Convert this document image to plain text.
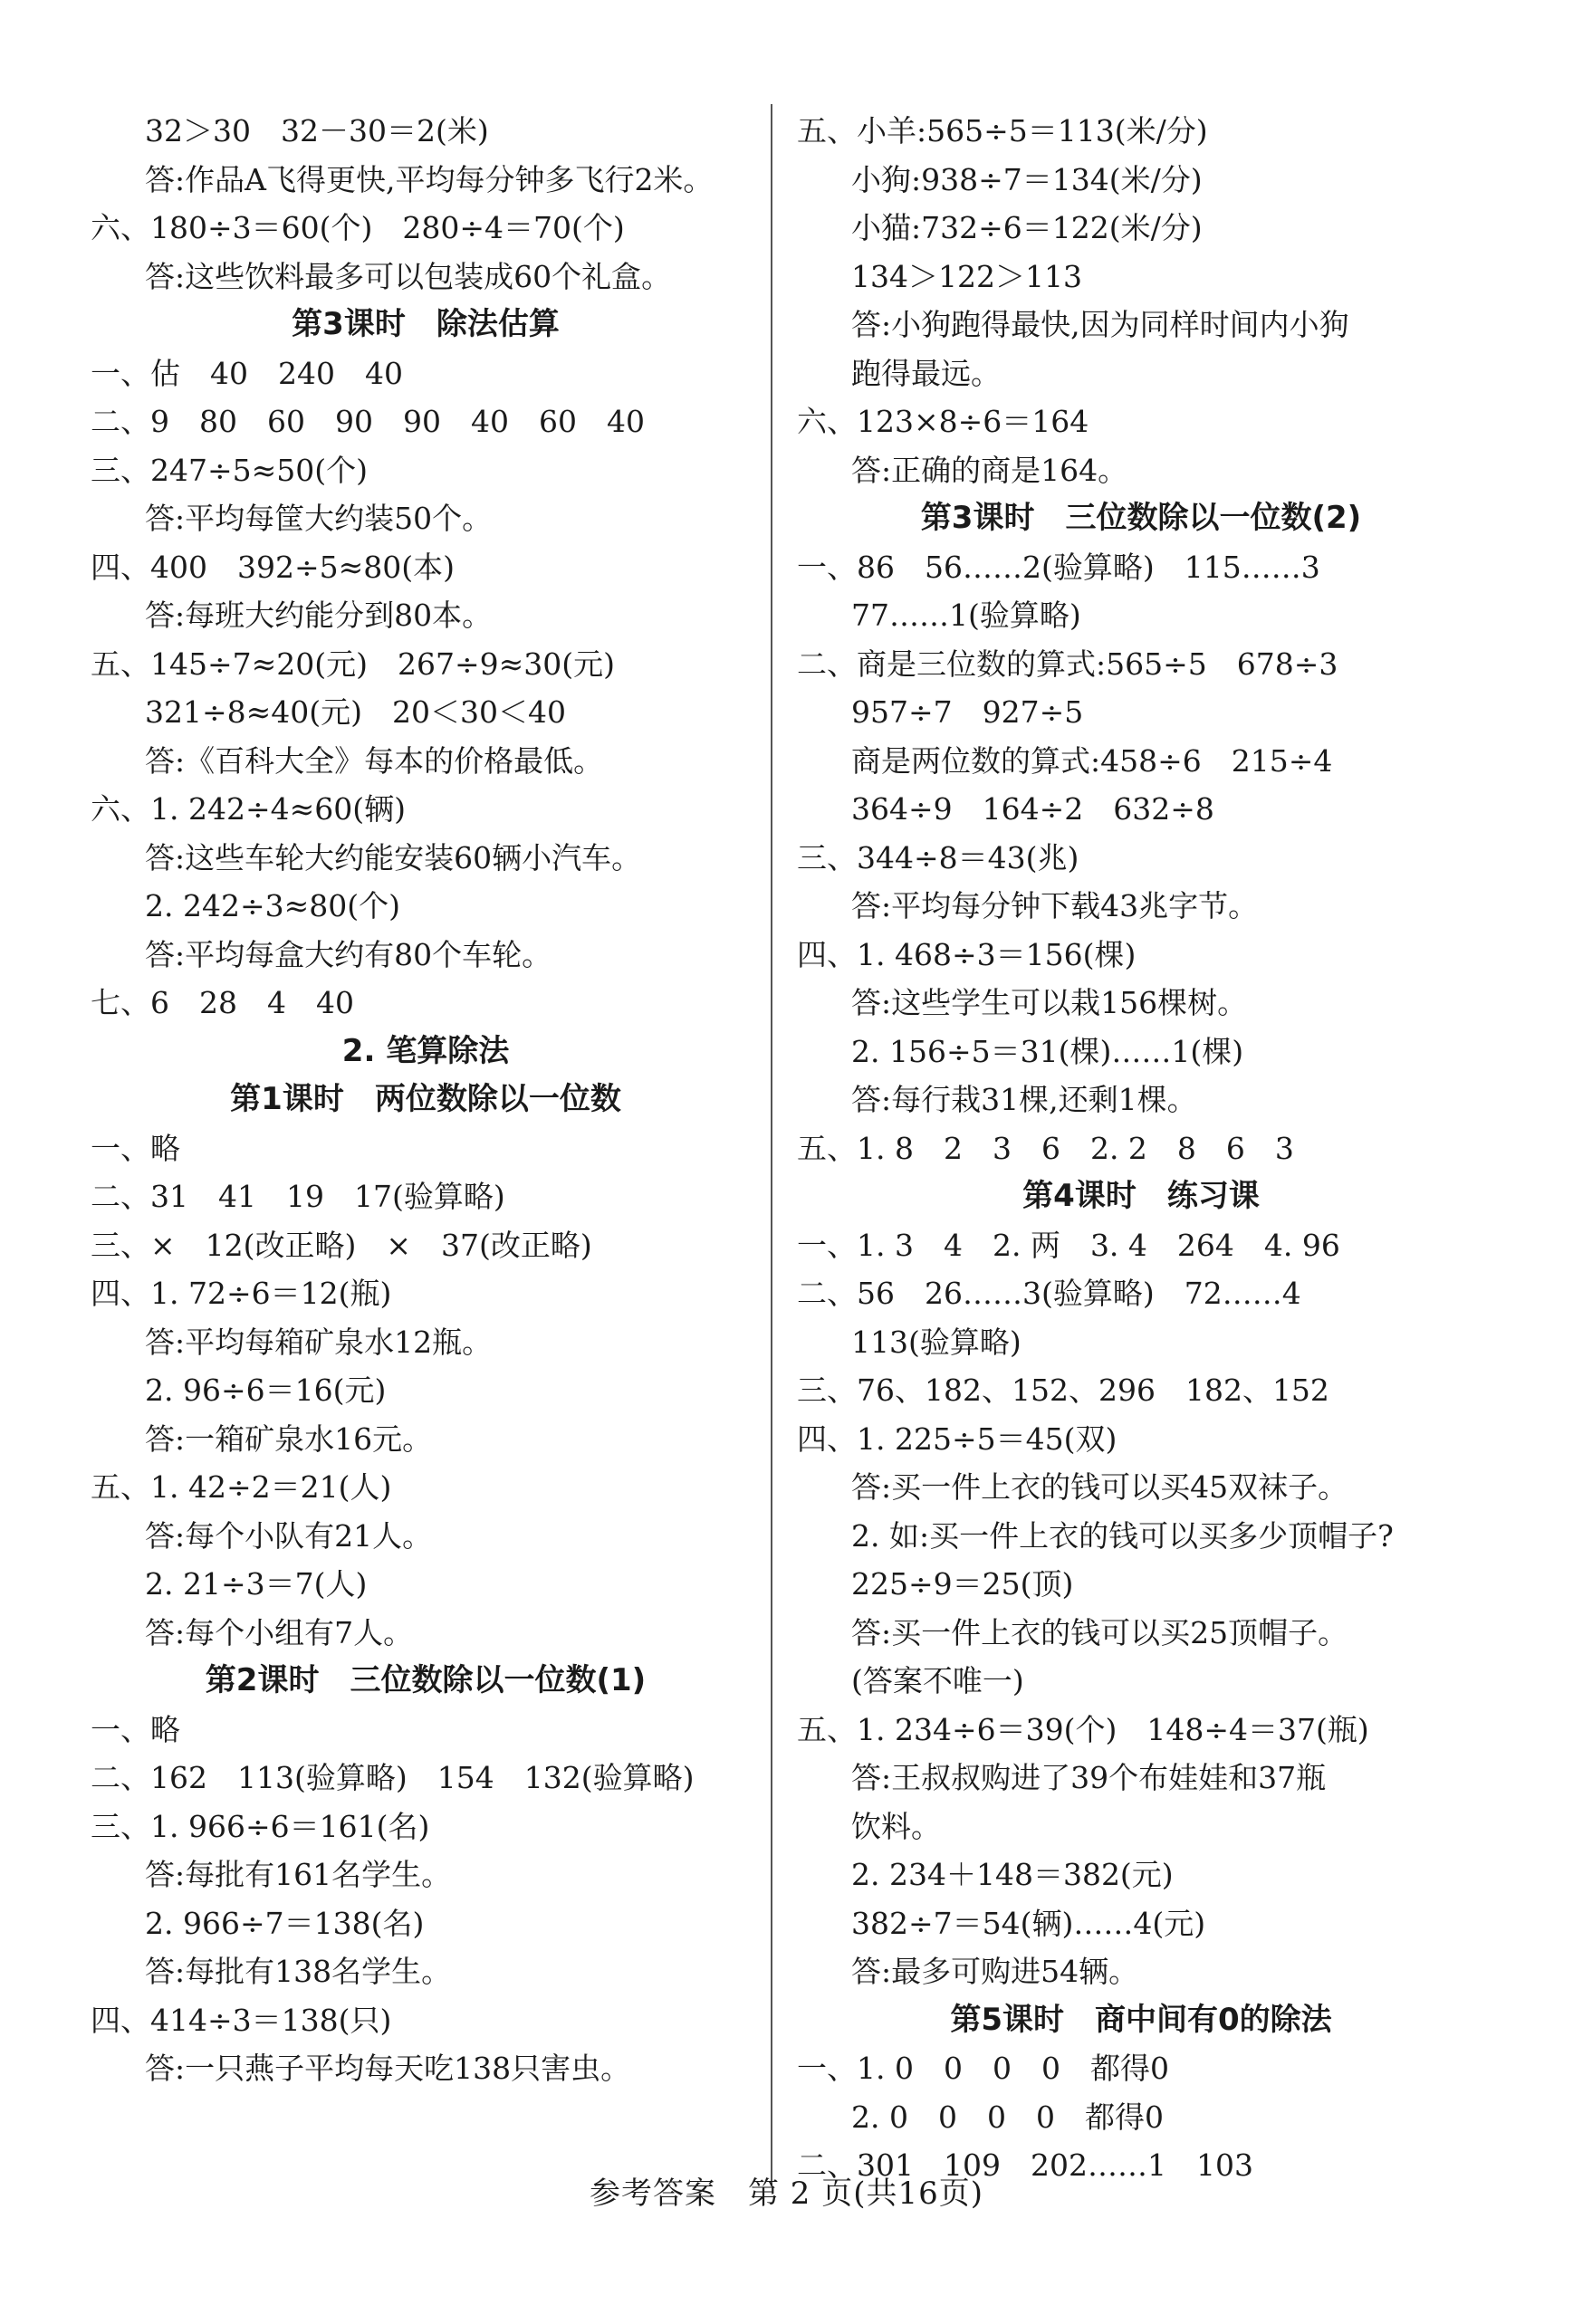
32＞30　32－30＝2(米)
答:作品A飞得更快,平均每分钟多飞行2米。
六、180÷3＝60(个)　280÷4＝70(个)
答:这些饮料最多可以包装成60个礼盒。
第3课时　除法估算
一、估　40　240　40
二、9　80　60　90　90　40　60　40
三、247÷5≈50(个)
答:平均每筐大约装50个。
四、400　392÷5≈80(本)
答:每班大约能分到80本。
五、145÷7≈20(元)　267÷9≈30(元)
321÷8≈40(元)　20＜30＜40
答:《百科大全》每本的价格最低。
六、1. 242÷4≈60(辆)
答:这些车轮大约能安装60辆小汽车。
2. 242÷3≈80(个)
答:平均每盒大约有80个车轮。
七、6　28　4　40
2. 笔算除法
第1课时　两位数除以一位数
一、略
二、31　41　19　17(验算略)
三、×　12(改正略)　×　37(改正略)
四、1. 72÷6＝12(瓶)
答:平均每箱矿泉水12瓶。
2. 96÷6＝16(元)
答:一箱矿泉水16元。
五、1. 42÷2＝21(人)
答:每个小队有21人。
2. 21÷3＝7(人)
答:每个小组有7人。
第2课时　三位数除以一位数(1)
一、略
二、162　113(验算略)　154　132(验算略)
三、1. 966÷6＝161(名)
答:每批有161名学生。
2. 966÷7＝138(名)
答:每批有138名学生。
四、414÷3＝138(只)
答:一只燕子平均每天吃138只害虫。
五、小羊:565÷5＝113(米/分)
小狗:938÷7＝134(米/分)
小猫:732÷6＝122(米/分)
134＞122＞113
答:小狗跑得最快,因为同样时间内小狗
跑得最远。
六、123×8÷6＝164
答:正确的商是164。
第3课时　三位数除以一位数(2)
一、86　56……2(验算略)　115……3
77……1(验算略)
二、商是三位数的算式:565÷5　678÷3
957÷7　927÷5
商是两位数的算式:458÷6　215÷4
364÷9　164÷2　632÷8
三、344÷8＝43(兆)
答:平均每分钟下载43兆字节。
四、1. 468÷3＝156(棵)
答:这些学生可以栽156棵树。
2. 156÷5＝31(棵)……1(棵)
答:每行栽31棵,还剩1棵。
五、1. 8　2　3　6　2. 2　8　6　3
第4课时　练习课
一、1. 3　4　2. 两　3. 4　264　4. 96
二、56　26……3(验算略)　72……4
113(验算略)
三、76、182、152、296　182、152
四、1. 225÷5＝45(双)
答:买一件上衣的钱可以买45双袜子。
2. 如:买一件上衣的钱可以买多少顶帽子?
225÷9＝25(顶)
答:买一件上衣的钱可以买25顶帽子。
(答案不唯一)
五、1. 234÷6＝39(个)　148÷4＝37(瓶)
答:王叔叔购进了39个布娃娃和37瓶
饮料。
2. 234＋148＝382(元)
382÷7＝54(辆)……4(元)
答:最多可购进54辆。
第5课时　商中间有0的除法
一、1. 0　0　0　0　都得0
2. 0　0　0　0　都得0
二、301　109　202……1　103
参考答案　第 2 页(共16页)
